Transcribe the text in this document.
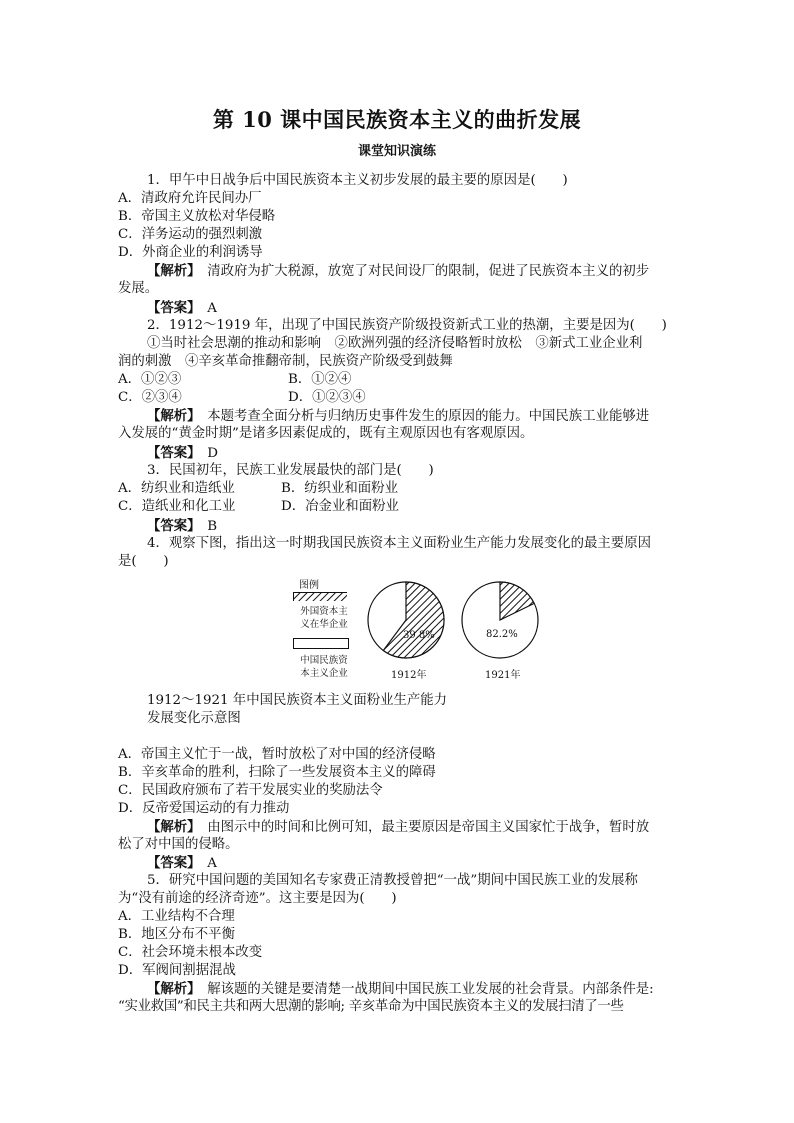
第 10 课中国民族资本主义的曲折发展
课堂知识演练
1．甲午中日战争后中国民族资本主义初步发展的最主要的原因是(　　)
A．清政府允许民间办厂
B．帝国主义放松对华侵略
C．洋务运动的强烈刺激
D．外商企业的利润诱导
【解析】　清政府为扩大税源，放宽了对民间设厂的限制，促进了民族资本主义的初步
发展。
【答案】　A
2．1912～1919 年，出现了中国民族资产阶级投资新式工业的热潮，主要是因为(　　)
①当时社会思潮的推动和影响　②欧洲列强的经济侵略暂时放松　③新式工业企业利
润的刺激　④辛亥革命推翻帝制，民族资产阶级受到鼓舞
A．①②③	B．①②④
C．②③④	D．①②③④
【解析】　本题考查全面分析与归纳历史事件发生的原因的能力。中国民族工业能够进
入发展的“黄金时期”是诸多因素促成的，既有主观原因也有客观原因。
【答案】　D
3．民国初年，民族工业发展最快的部门是(　　)
A．纺织业和造纸业	B．纺织业和面粉业
C．造纸业和化工业	D．冶金业和面粉业
【答案】　B
4．观察下图，指出这一时期我国民族资本主义面粉业生产能力发展变化的最主要原因
是(　　)
图例
外国资本主
义在华企业
中国民族资
本主义企业
39.8%
1912年
82.2%
1921年
1912～1921 年中国民族资本主义面粉业生产能力
发展变化示意图
A．帝国主义忙于一战，暂时放松了对中国的经济侵略
B．辛亥革命的胜利，扫除了一些发展资本主义的障碍
C．民国政府颁布了若干发展实业的奖励法令
D．反帝爱国运动的有力推动
【解析】　由图示中的时间和比例可知，最主要原因是帝国主义国家忙于战争，暂时放
松了对中国的侵略。
【答案】　A
5．研究中国问题的美国知名专家费正清教授曾把“一战”期间中国民族工业的发展称
为“没有前途的经济奇迹”。这主要是因为(　　)
A．工业结构不合理
B．地区分布不平衡
C．社会环境未根本改变
D．军阀间割据混战
【解析】　解该题的关键是要清楚一战期间中国民族工业发展的社会背景。内部条件是:
“实业救国”和民主共和两大思潮的影响; 辛亥革命为中国民族资本主义的发展扫清了一些
